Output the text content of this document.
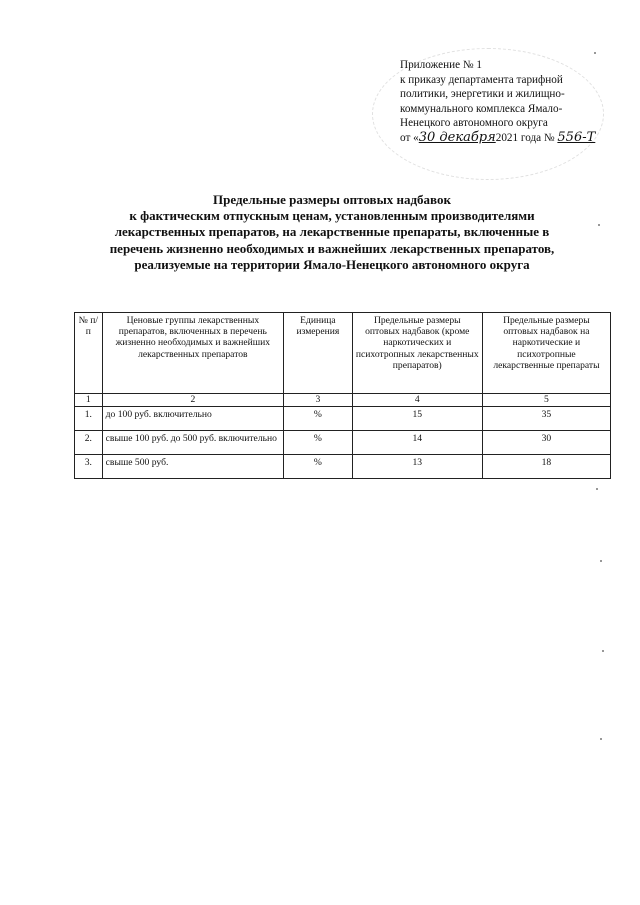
Приложение № 1
к приказу департамента тарифной
политики, энергетики и жилищно-
коммунального комплекса Ямало-
Ненецкого автономного округа
от «30 декабря2021 года № 556-Т
Предельные размеры оптовых надбавок
к фактическим отпускным ценам, установленным производителями
лекарственных препаратов, на лекарственные препараты, включенные в
перечень жизненно необходимых и важнейших лекарственных препаратов,
реализуемые на территории Ямало-Ненецкого автономного округа
№ п/п	Ценовые группы лекарственных препаратов, включенных в перечень жизненно необходимых и важнейших лекарственных препаратов	Единица измерения	Предельные размеры оптовых надбавок (кроме наркотических и психотропных лекарственных препаратов)	Предельные размеры оптовых надбавок на наркотические и психотропные лекарственные препараты
1	2	3	4	5
1.	до 100 руб. включительно	%	15	35
2.	свыше 100 руб. до 500 руб. включительно	%	14	30
3.	свыше 500 руб.	%	13	18
